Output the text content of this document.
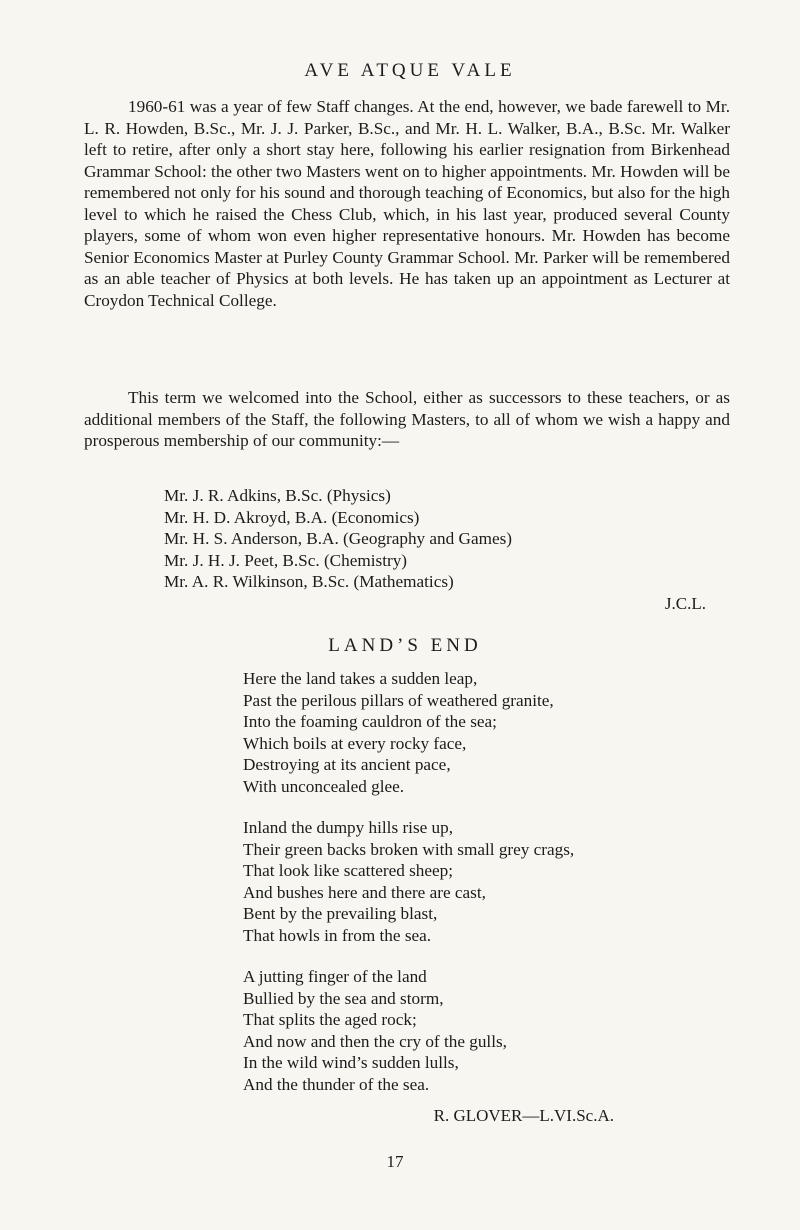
AVE ATQUE VALE

1960-61 was a year of few Staff changes. At the end, however, we bade farewell to Mr. L. R. Howden, B.Sc., Mr. J. J. Parker, B.Sc., and Mr. H. L. Walker, B.A., B.Sc. Mr. Walker left to retire, after only a short stay here, following his earlier resignation from Birkenhead Grammar School: the other two Masters went on to higher appointments. Mr. Howden will be remembered not only for his sound and thorough teaching of Economics, but also for the high level to which he raised the Chess Club, which, in his last year, produced several County players, some of whom won even higher representative honours. Mr. Howden has become Senior Economics Master at Purley County Grammar School. Mr. Parker will be remembered as an able teacher of Physics at both levels. He has taken up an appointment as Lecturer at Croydon Technical College.

This term we welcomed into the School, either as successors to these teachers, or as additional members of the Staff, the following Masters, to all of whom we wish a happy and prosperous membership of our community:—

Mr. J. R. Adkins, B.Sc. (Physics)
Mr. H. D. Akroyd, B.A. (Economics)
Mr. H. S. Anderson, B.A. (Geography and Games)
Mr. J. H. J. Peet, B.Sc. (Chemistry)
Mr. A. R. Wilkinson, B.Sc. (Mathematics)
J.C.L.
LAND’S END
Here the land takes a sudden leap,
Past the perilous pillars of weathered granite,
Into the foaming cauldron of the sea;
Which boils at every rocky face,
Destroying at its ancient pace,
With unconcealed glee.
Inland the dumpy hills rise up,
Their green backs broken with small grey crags,
That look like scattered sheep;
And bushes here and there are cast,
Bent by the prevailing blast,
That howls in from the sea.
A jutting finger of the land
Bullied by the sea and storm,
That splits the aged rock;
And now and then the cry of the gulls,
In the wild wind’s sudden lulls,
And the thunder of the sea.
R. GLOVER—L.VI.Sc.A.
17
